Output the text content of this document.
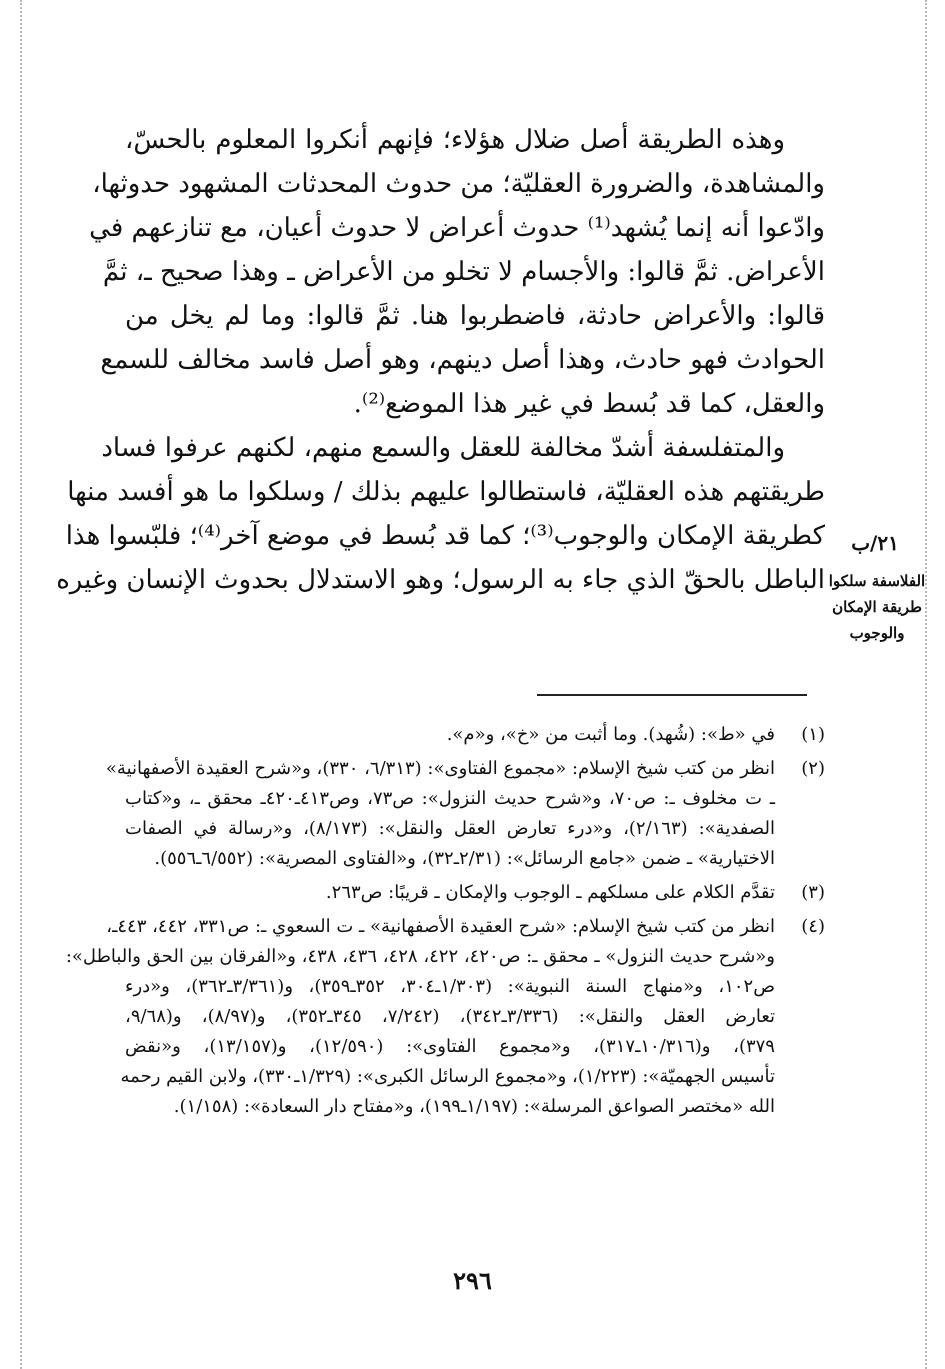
وهذه الطريقة أصل ضلال هؤلاء؛ فإنهم أنكروا المعلوم بالحسّ،
والمشاهدة، والضرورة العقليّة؛ من حدوث المحدثات المشهود حدوثها،
وادّعوا أنه إنما يُشهد⁽¹⁾ حدوث أعراض لا حدوث أعيان، مع تنازعهم في
الأعراض. ثمَّ قالوا: والأجسام لا تخلو من الأعراض ـ وهذا صحيح ـ، ثمَّ
قالوا: والأعراض حادثة، فاضطربوا هنا. ثمَّ قالوا: وما لم يخل من
الحوادث فهو حادث، وهذا أصل دينهم، وهو أصل فاسد مخالف للسمع
والعقل، كما قد بُسط في غير هذا الموضع⁽²⁾.
والمتفلسفة أشدّ مخالفة للعقل والسمع منهم، لكنهم عرفوا فساد
طريقتهم هذه العقليّة، فاستطالوا عليهم بذلك / وسلكوا ما هو أفسد منها
كطريقة الإمكان والوجوب⁽³⁾؛ كما قد بُسط في موضع آخر⁽⁴⁾؛ فلبّسوا هذا
الباطل بالحقّ الذي جاء به الرسول؛ وهو الاستدلال بحدوث الإنسان وغيره
٢١/ب
الفلاسفة سلكوا طريقة الإمكان والوجوب
(١)
في «ط»: (شُهد). وما أثبت من «خ»، و«م».
(٢)
انظر من كتب شيخ الإسلام: «مجموع الفتاوى»: (٦/٣١٣، ٣٣٠)، و«شرح العقيدة الأصفهانية»
ـ ت مخلوف ـ: ص٧٠، و«شرح حديث النزول»: ص٧٣، وص٤١٣ـ٤٢٠ـ محقق ـ، و«كتاب
الصفدية»: (٢/١٦٣)، و«درء تعارض العقل والنقل»: (٨/١٧٣)، و«رسالة في الصفات
الاختيارية» ـ ضمن «جامع الرسائل»: (٢/٣١ـ٣٢)، و«الفتاوى المصرية»: (٦/٥٥٢ـ٥٥٦).
(٣)
تقدَّم الكلام على مسلكهم ـ الوجوب والإمكان ـ قريبًا: ص٢٦٣.
(٤)
انظر من كتب شيخ الإسلام: «شرح العقيدة الأصفهانية» ـ ت السعوي ـ: ص٣٣١، ٤٤٢، ٤٤٣ـ،
و«شرح حديث النزول» ـ محقق ـ: ص٤٢٠، ٤٢٢، ٤٢٨، ٤٣٦، ٤٣٨، و«الفرقان بين الحق والباطل»:
ص١٠٢، و«منهاج السنة النبوية»: (١/٣٠٣ـ٣٠٤، ٣٥٢ـ٣٥٩)، و(٣/٣٦١ـ٣٦٢)، و«درء
تعارض العقل والنقل»: (٣/٣٣٦ـ٣٤٢)، (٧/٢٤٢، ٣٤٥ـ٣٥٢)، و(٨/٩٧)، و(٩/٦٨،
٣٧٩)، و(١٠/٣١٦ـ٣١٧)، و«مجموع الفتاوى»: (١٢/٥٩٠)، و(١٣/١٥٧)، و«نقض
تأسيس الجهميّة»: (١/٢٢٣)، و«مجموع الرسائل الكبرى»: (١/٣٢٩ـ٣٣٠)، ولابن القيم رحمه
الله «مختصر الصواعق المرسلة»: (١/١٩٧ـ١٩٩)، و«مفتاح دار السعادة»: (١/١٥٨).
٢٩٦
